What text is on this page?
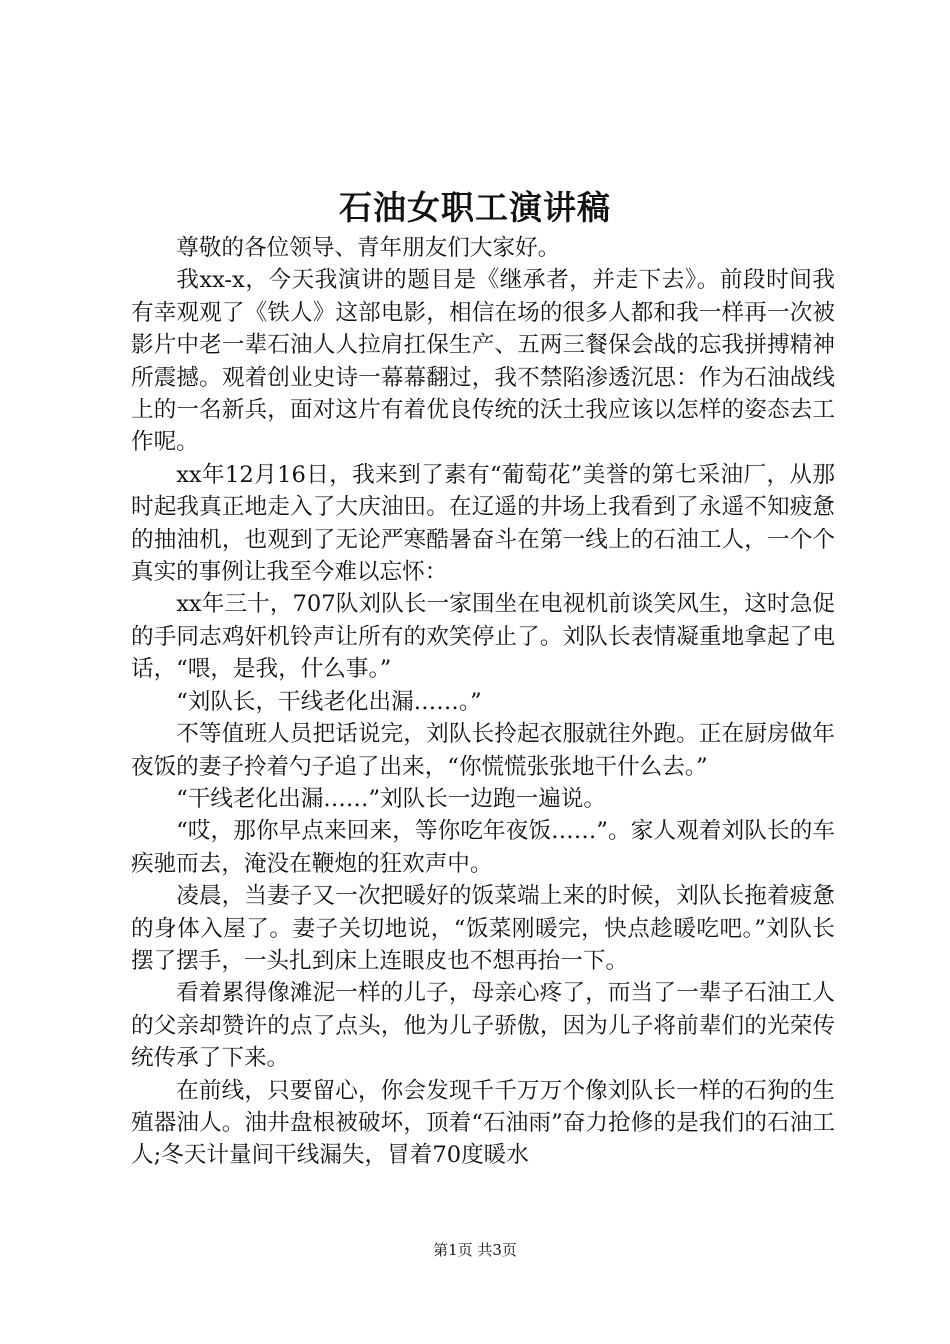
石油女职工演讲稿

尊敬的各位领导、青年朋友们大家好。

我xx-x，今天我演讲的题目是《继承者，并走下去》。前段时间我有幸观观了《铁人》这部电影，相信在场的很多人都和我一样再一次被影片中老一辈石油人人拉肩扛保生产、五两三餐保会战的忘我拼搏精神所震撼。观着创业史诗一幕幕翻过，我不禁陷渗透沉思：作为石油战线上的一名新兵，面对这片有着优良传统的沃土我应该以怎样的姿态去工作呢。

xx年12月16日，我来到了素有“葡萄花”美誉的第七采油厂，从那时起我真正地走入了大庆油田。在辽遥的井场上我看到了永遥不知疲惫的抽油机，也观到了无论严寒酷暑奋斗在第一线上的石油工人，一个个真实的事例让我至今难以忘怀：

xx年三十，707队刘队长一家围坐在电视机前谈笑风生，这时急促的手同志鸡奸机铃声让所有的欢笑停止了。刘队长表情凝重地拿起了电话，“喂，是我，什么事。”

“刘队长，干线老化出漏……。”

不等值班人员把话说完，刘队长拎起衣服就往外跑。正在厨房做年夜饭的妻子拎着勺子追了出来，“你慌慌张张地干什么去。”

“干线老化出漏……”刘队长一边跑一遍说。

“哎，那你早点来回来，等你吃年夜饭……”。家人观着刘队长的车疾驰而去，淹没在鞭炮的狂欢声中。

凌晨，当妻子又一次把暖好的饭菜端上来的时候，刘队长拖着疲惫的身体入屋了。妻子关切地说，“饭菜刚暖完，快点趁暖吃吧。”刘队长摆了摆手，一头扎到床上连眼皮也不想再抬一下。

看着累得像滩泥一样的儿子，母亲心疼了，而当了一辈子石油工人的父亲却赞许的点了点头，他为儿子骄傲，因为儿子将前辈们的光荣传统传承了下来。

在前线，只要留心，你会发现千千万万个像刘队长一样的石狗的生殖器油人。油井盘根被破坏，顶着“石油雨”奋力抢修的是我们的石油工人;冬天计量间干线漏失，冒着70度暖水

第1页 共3页
